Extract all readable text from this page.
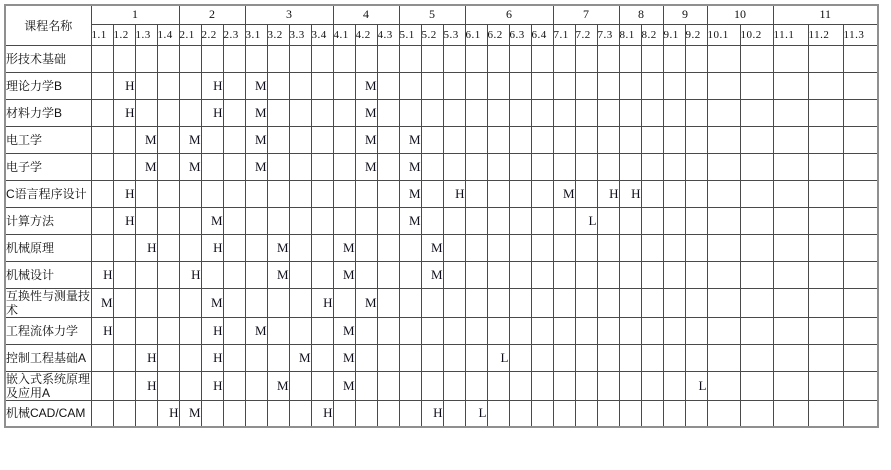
课程名称	1				2			3				4			5			6				7			8		9		10		11		
	1.1	1.2	1.3	1.4	2.1	2.2	2.3	3.1	3.2	3.3	3.4	4.1	4.2	4.3	5.1	5.2	5.3	6.1	6.2	6.3	6.4	7.1	7.2	7.3	8.1	8.2	9.1	9.2	10.1	10.2	11.1	11.2	11.3
形技术基础																																	
理论力学B		H				H		M					M																				
材料力学B		H				H		M					M																				
电工学			M		M			M					M		M																		
电子学			M		M			M					M		M																		
C语言程序设计		H													M		H					M		H	H								
计算方法		H				M									M								L										
机械原理			H			H			M			M				M																	
机械设计	H				H				M			M				M																	
互换性与测量技术	M					M					H		M																				
工程流体力学	H					H		M				M																					
控制工程基础A			H			H				M		M							L														
嵌入式系统原理及应用A			H			H			M			M																L					
机械CAD/CAM				H	M						H					H		L															
